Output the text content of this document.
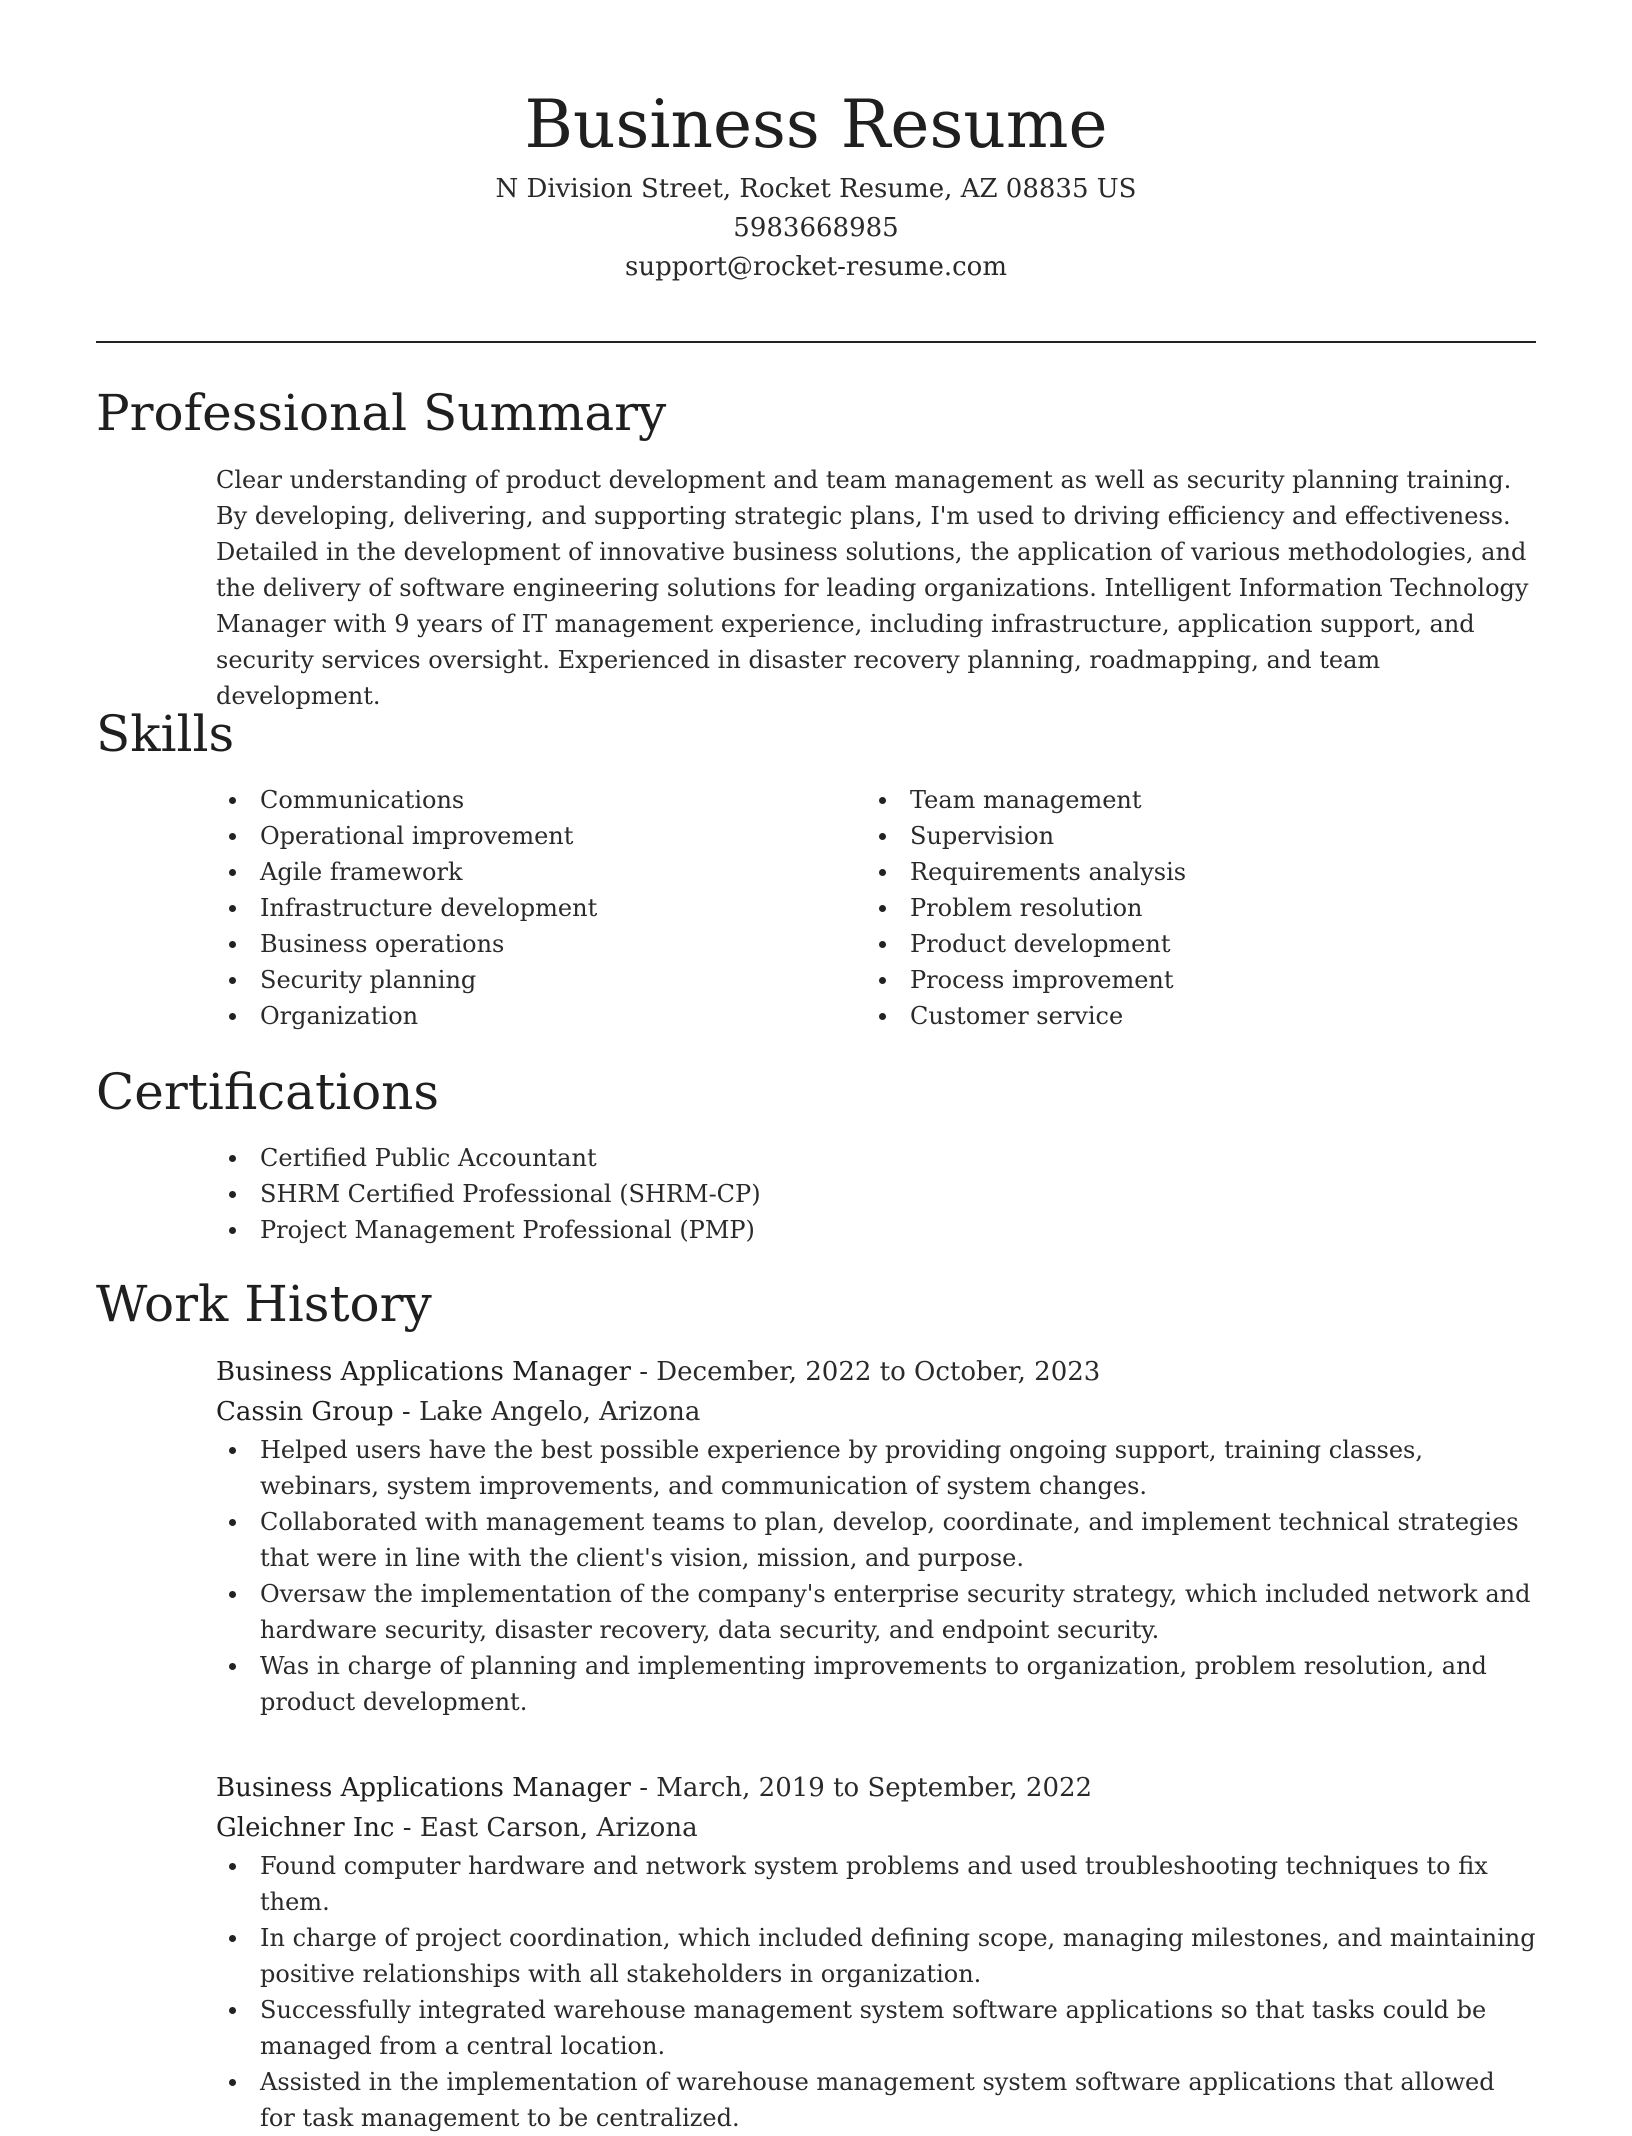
Business Resume
N Division Street, Rocket Resume, AZ 08835 US
5983668985
support@rocket-resume.com
Professional Summary

Clear understanding of product development and team management as well as security planning training. By developing, delivering, and supporting strategic plans, I'm used to driving efficiency and effectiveness. Detailed in the development of innovative business solutions, the application of various methodologies, and the delivery of software engineering solutions for leading organizations. Intelligent Information Technology Manager with 9 years of IT management experience, including infrastructure, application support, and security services oversight. Experienced in disaster recovery planning, roadmapping, and team development.

Skills
Communications
Operational improvement
Agile framework
Infrastructure development
Business operations
Security planning
Organization
Team management
Supervision
Requirements analysis
Problem resolution
Product development
Process improvement
Customer service
Certifications
Certified Public Accountant
SHRM Certified Professional (SHRM-CP)
Project Management Professional (PMP)
Work History
Business Applications Manager - December, 2022 to October, 2023
Cassin Group - Lake Angelo, Arizona
Helped users have the best possible experience by providing ongoing support, training classes, webinars, system improvements, and communication of system changes.
Collaborated with management teams to plan, develop, coordinate, and implement technical strategies that were in line with the client's vision, mission, and purpose.
Oversaw the implementation of the company's enterprise security strategy, which included network and hardware security, disaster recovery, data security, and endpoint security.
Was in charge of planning and implementing improvements to organization, problem resolution, and product development.
Business Applications Manager - March, 2019 to September, 2022
Gleichner Inc - East Carson, Arizona
Found computer hardware and network system problems and used troubleshooting techniques to fix them.
In charge of project coordination, which included defining scope, managing milestones, and maintaining positive relationships with all stakeholders in organization.
Successfully integrated warehouse management system software applications so that tasks could be managed from a central location.
Assisted in the implementation of warehouse management system software applications that allowed for task management to be centralized.
